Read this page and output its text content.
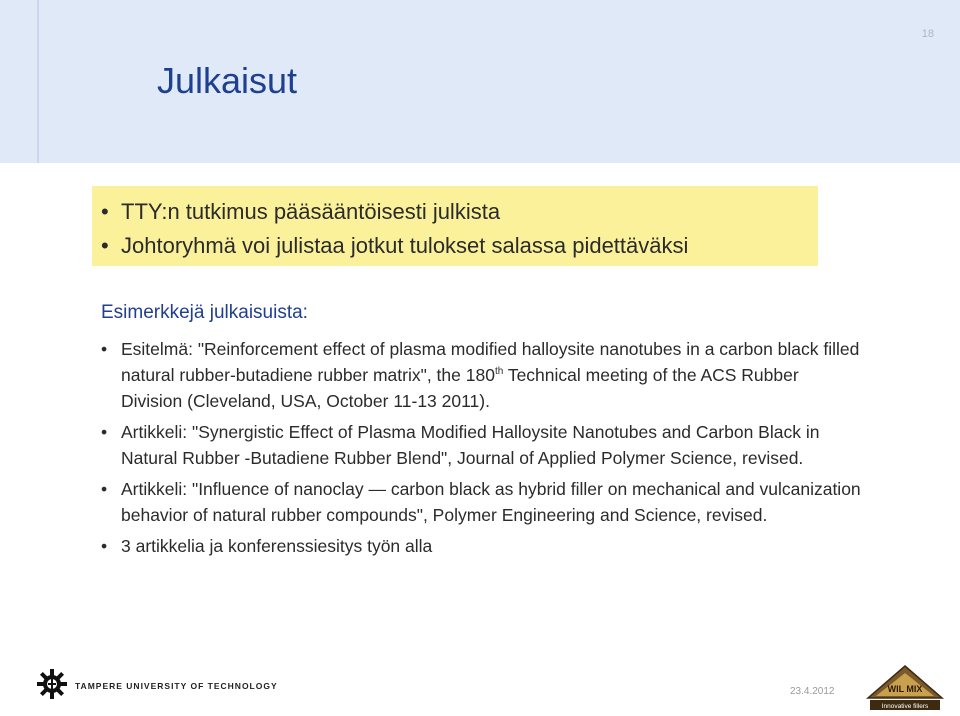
18
Julkaisut
• TTY:n tutkimus pääsääntöisesti julkista
• Johtoryhmä voi julistaa jotkut tulokset salassa pidettäväksi
Esimerkkejä julkaisuista:
• Esitelmä: "Reinforcement effect of plasma modified halloysite nanotubes in a carbon black filled natural rubber-butadiene rubber matrix", the 180th Technical meeting of the ACS Rubber Division (Cleveland, USA, October 11-13 2011).
• Artikkeli: "Synergistic Effect of Plasma Modified Halloysite Nanotubes and Carbon Black in Natural Rubber -Butadiene Rubber Blend", Journal of Applied Polymer Science, revised.
• Artikkeli: "Influence of nanoclay — carbon black as hybrid filler on mechanical and vulcanization behavior of natural rubber compounds", Polymer Engineering and Science, revised.
• 3 artikkelia ja konferenssiesitys työn alla
TAMPERE UNIVERSITY OF TECHNOLOGY	23.4.2012	WIL MIX
Innovative fillers
